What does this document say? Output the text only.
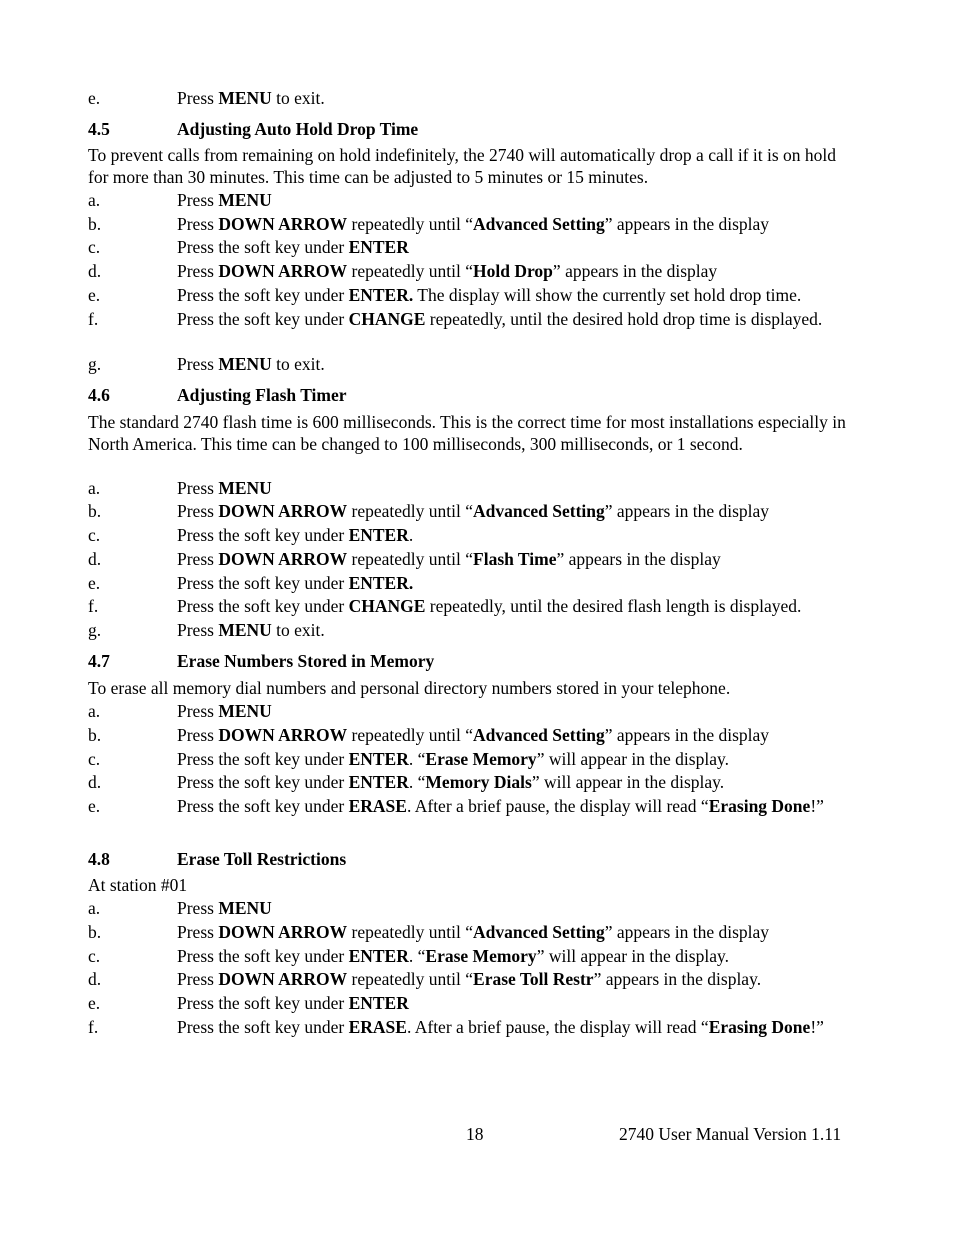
e.	Press MENU to exit.
4.5	Adjusting Auto Hold Drop Time
To prevent calls from remaining on hold indefinitely, the 2740 will automatically drop a call if it is on hold for more than 30 minutes. This time can be adjusted to 5 minutes or 15 minutes.
a.	Press MENU
b.	Press DOWN ARROW repeatedly until “Advanced Setting” appears in the display
c.	Press the soft key under ENTER
d.	Press DOWN ARROW repeatedly until “Hold Drop” appears in the display
e.	Press the soft key under ENTER. The display will show the currently set hold drop time.
f.	Press the soft key under CHANGE repeatedly, until the desired hold drop time is displayed.
g.	Press MENU to exit.
4.6	Adjusting Flash Timer
The standard 2740 flash time is 600 milliseconds. This is the correct time for most installations especially in North America. This time can be changed to 100 milliseconds, 300 milliseconds, or 1 second.
a.	Press MENU
b.	Press DOWN ARROW repeatedly until “Advanced Setting” appears in the display
c.	Press the soft key under ENTER.
d.	Press DOWN ARROW repeatedly until “Flash Time” appears in the display
e.	Press the soft key under ENTER.
f.	Press the soft key under CHANGE repeatedly, until the desired flash length is displayed.
g.	Press MENU to exit.
4.7	Erase Numbers Stored in Memory
To erase all memory dial numbers and personal directory numbers stored in your telephone.
a.	Press MENU
b.	Press DOWN ARROW repeatedly until “Advanced Setting” appears in the display
c.	Press the soft key under ENTER. “Erase Memory” will appear in the display.
d.	Press the soft key under ENTER. “Memory Dials” will appear in the display.
e.	Press the soft key under ERASE. After a brief pause, the display will read “Erasing Done!”
4.8	Erase Toll Restrictions
At station #01
a.	Press MENU
b.	Press DOWN ARROW repeatedly until “Advanced Setting” appears in the display
c.	Press the soft key under ENTER. “Erase Memory” will appear in the display.
d.	Press DOWN ARROW repeatedly until “Erase Toll Restr” appears in the display.
e.	Press the soft key under ENTER
f.	Press the soft key under ERASE. After a brief pause, the display will read “Erasing Done!”
18	2740 User Manual Version 1.11
